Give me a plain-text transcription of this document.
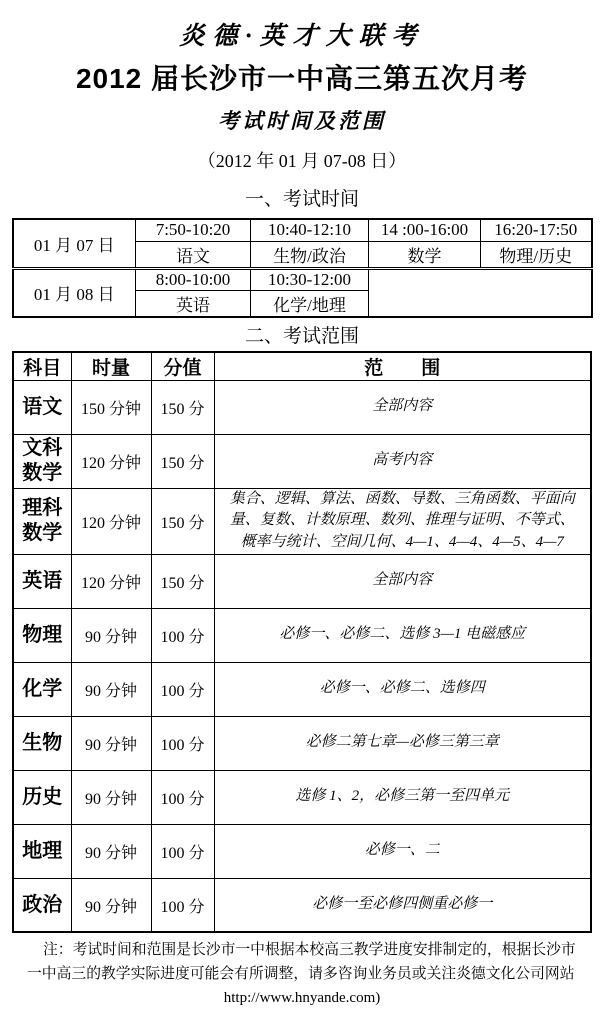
炎德·英才大联考
2012 届长沙市一中高三第五次月考
考试时间及范围
（2012 年 01 月 07-08 日）
一、考试时间
01 月 07 日	7:50-10:20	10:40-12:10	14 :00-16:00	16:20-17:50
	语文	生物/政治	数学	物理/历史
01 月 08 日	8:00-10:00	10:30-12:00		
	英语	化学/地理		
二、考试范围
科目	时量	分值	范　　围
语文	150 分钟	150 分	全部内容
文科数学	120 分钟	150 分	高考内容
理科数学	120 分钟	150 分	集合、逻辑、算法、函数、导数、三角函数、平面向量、复数、计数原理、数列、推理与证明、不等式、概率与统计、空间几何、4—1、4—4、4—5、4—7
英语	120 分钟	150 分	全部内容
物理	90 分钟	100 分	必修一、必修二、选修 3—1 电磁感应
化学	90 分钟	100 分	必修一、必修二、选修四
生物	90 分钟	100 分	必修二第七章—必修三第三章
历史	90 分钟	100 分	选修 1、2，必修三第一至四单元
地理	90 分钟	100 分	必修一、二
政治	90 分钟	100 分	必修一至必修四侧重必修一
注：考试时间和范围是长沙市一中根据本校高三教学进度安排制定的，根据长沙市
一中高三的教学实际进度可能会有所调整，请多咨询业务员或关注炎德文化公司网站
http://www.hnyande.com)
